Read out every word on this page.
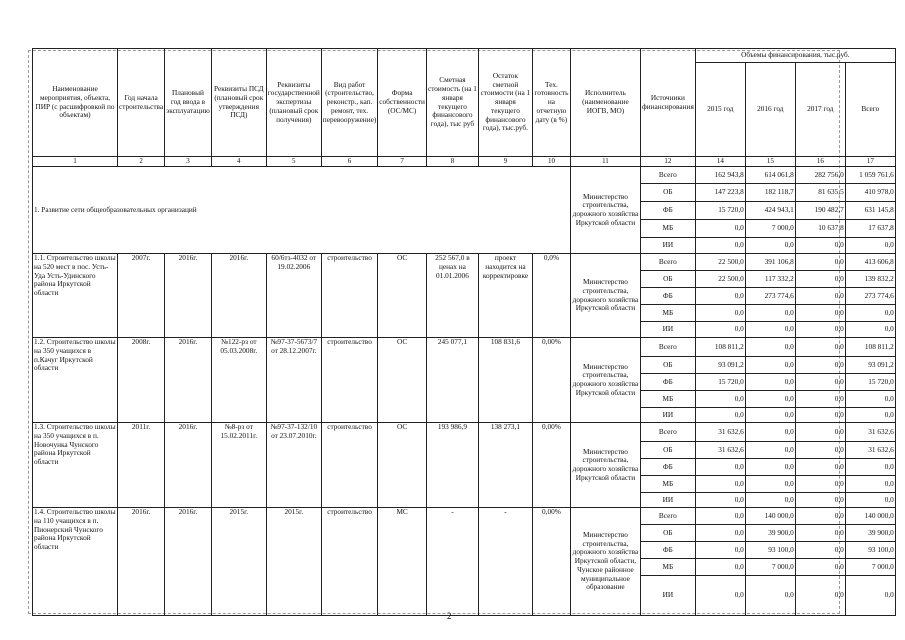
Наименование мероприятия, объекта, ПИР (с расшифровкой по объектам)	Год начала строительства	Плановый год ввода в эксплуатацию	Реквизиты ПСД (плановый срок утверждения ПСД)	Реквизиты государственной экспертизы (плановый срок получения)	Вид работ (строительство, реконстр., кап. ремонт, тех. перевооружение)	Форма собственности (ОС/МС)	Сметная стоимость (на 1 января текущего финансового года), тыс руб	Остаток сметной стоимости (на 1 января текущего финансового года), тыс.руб.	Тех. готовность на отчетную дату (в %)	Исполнитель (наименование ИОГВ, МО)	Источники финансирования	Объемы финансирования, тыс.руб.			
												2015 год	2016 год	2017 год	Всего
1	2	3	4	5	6	7	8	9	10	11	12	14	15	16	17
1. Развитие сети общеобразовательных организаций										Министерство строительства, дорожного хозяйства Иркутской области	Всего	162 943,8	614 061,8	282 756,0	1 059 761,6
											ОБ	147 223,8	182 118,7	81 635,5	410 978,0
											ФБ	15 720,0	424 943,1	190 482,7	631 145,8
											МБ	0,0	7 000,0	10 637,8	17 637,8
											ИИ	0,0	0,0	0,0	0,0
1.1. Строительство школы на 520 мест в пос. Усть-Уда Усть-Удинского района Иркутской области	2007г.	2016г.	2016г.	60/6тз-4032 от 19.02.2006	строительство	ОС	252 567,0 в ценах на 01.01.2006	проект находится на корректировке	0,0%	Министерство строительства, дорожного хозяйства Иркутской области	Всего	22 500,0	391 106,8	0,0	413 606,8
											ОБ	22 500,0	117 332,2	0,0	139 832,2
											ФБ	0,0	273 774,6	0,0	273 774,6
											МБ	0,0	0,0	0,0	0,0
											ИИ	0,0	0,0	0,0	0,0
1.2. Строительство школы на 350 учащихся в п.Качуг Иркутской области	2008г.	2016г.	№122-рз от 05.03.2008г.	№97-37-5673/7 от 28.12.2007г.	строительство	ОС	245 077,1	108 831,6	0,00%	Министерство строительства, дорожного хозяйства Иркутской области	Всего	108 811,2	0,0	0,0	108 811,2
											ОБ	93 091,2	0,0	0,0	93 091,2
											ФБ	15 720,0	0,0	0,0	15 720,0
											МБ	0,0	0,0	0,0	0,0
											ИИ	0,0	0,0	0,0	0,0
1.3. Строительство школы на 350 учащихся в п. Новочунка Чунского района Иркутской области	2011г.	2016г.	№8-рз от 15.02.2011г.	№97-37-132/10 от 23.07.2010г.	строительство	ОС	193 986,9	138 273,1	0,00%	Министерство строительства, дорожного хозяйства Иркутской области	Всего	31 632,6	0,0	0,0	31 632,6
											ОБ	31 632,6	0,0	0,0	31 632,6
											ФБ	0,0	0,0	0,0	0,0
											МБ	0,0	0,0	0,0	0,0
											ИИ	0,0	0,0	0,0	0,0
1.4. Строительство школы на 110 учащихся в п. Пионерский Чунского района Иркутской области	2016г.	2016г.	2015г.	2015г.	строительство	МС	-	-	0,00%	Министерство строительства, дорожного хозяйства Иркутской области, Чунское районное муниципальное образование	Всего	0,0	140 000,0	0,0	140 000,0
											ОБ	0,0	39 900,0	0,0	39 900,0
											ФБ	0,0	93 100,0	0,0	93 100,0
											МБ	0,0	7 000,0	0,0	7 000,0
											ИИ	0,0	0,0	0,0	0,0
2
